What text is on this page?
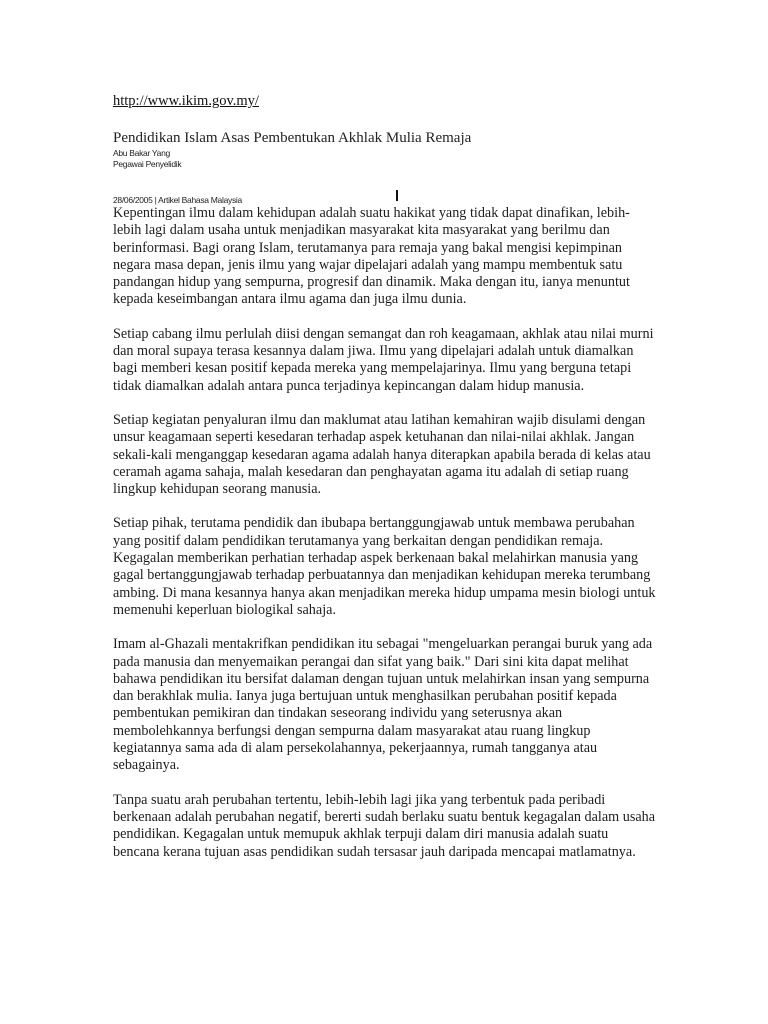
http://www.ikim.gov.my/
Pendidikan Islam Asas Pembentukan Akhlak Mulia Remaja
Abu Bakar Yang
Pegawai Penyelidik
28/06/2005 | Artikel Bahasa Malaysia

Kepentingan ilmu dalam kehidupan adalah suatu hakikat yang tidak dapat dinafikan, lebih-lebih lagi dalam usaha untuk menjadikan masyarakat kita masyarakat yang berilmu dan berinformasi. Bagi orang Islam, terutamanya para remaja yang bakal mengisi kepimpinan negara masa depan, jenis ilmu yang wajar dipelajari adalah yang mampu membentuk satu pandangan hidup yang sempurna, progresif dan dinamik. Maka dengan itu, ianya menuntut kepada keseimbangan antara ilmu agama dan juga ilmu dunia.

Setiap cabang ilmu perlulah diisi dengan semangat dan roh keagamaan, akhlak atau nilai murni dan moral supaya terasa kesannya dalam jiwa. Ilmu yang dipelajari adalah untuk diamalkan bagi memberi kesan positif kepada mereka yang mempelajarinya. Ilmu yang berguna tetapi tidak diamalkan adalah antara punca terjadinya kepincangan dalam hidup manusia.

Setiap kegiatan penyaluran ilmu dan maklumat atau latihan kemahiran wajib disulami dengan unsur keagamaan seperti kesedaran terhadap aspek ketuhanan dan nilai-nilai akhlak. Jangan sekali-kali menganggap kesedaran agama adalah hanya diterapkan apabila berada di kelas atau ceramah agama sahaja, malah kesedaran dan penghayatan agama itu adalah di setiap ruang lingkup kehidupan seorang manusia.

Setiap pihak, terutama pendidik dan ibubapa bertanggungjawab untuk membawa perubahan yang positif dalam pendidikan terutamanya yang berkaitan dengan pendidikan remaja. Kegagalan memberikan perhatian terhadap aspek berkenaan bakal melahirkan manusia yang gagal bertanggungjawab terhadap perbuatannya dan menjadikan kehidupan mereka terumbang ambing. Di mana kesannya hanya akan menjadikan mereka hidup umpama mesin biologi untuk memenuhi keperluan biologikal sahaja.

Imam al-Ghazali mentakrifkan pendidikan itu sebagai "mengeluarkan perangai buruk yang ada pada manusia dan menyemaikan perangai dan sifat yang baik." Dari sini kita dapat melihat bahawa pendidikan itu bersifat dalaman dengan tujuan untuk melahirkan insan yang sempurna dan berakhlak mulia. Ianya juga bertujuan untuk menghasilkan perubahan positif kepada pembentukan pemikiran dan tindakan seseorang individu yang seterusnya akan membolehkannya berfungsi dengan sempurna dalam masyarakat atau ruang lingkup kegiatannya sama ada di alam persekolahannya, pekerjaannya, rumah tangganya atau sebagainya.

Tanpa suatu arah perubahan tertentu, lebih-lebih lagi jika yang terbentuk pada peribadi berkenaan adalah perubahan negatif, bererti sudah berlaku suatu bentuk kegagalan dalam usaha pendidikan. Kegagalan untuk memupuk akhlak terpuji dalam diri manusia adalah suatu bencana kerana tujuan asas pendidikan sudah tersasar jauh daripada mencapai matlamatnya.
